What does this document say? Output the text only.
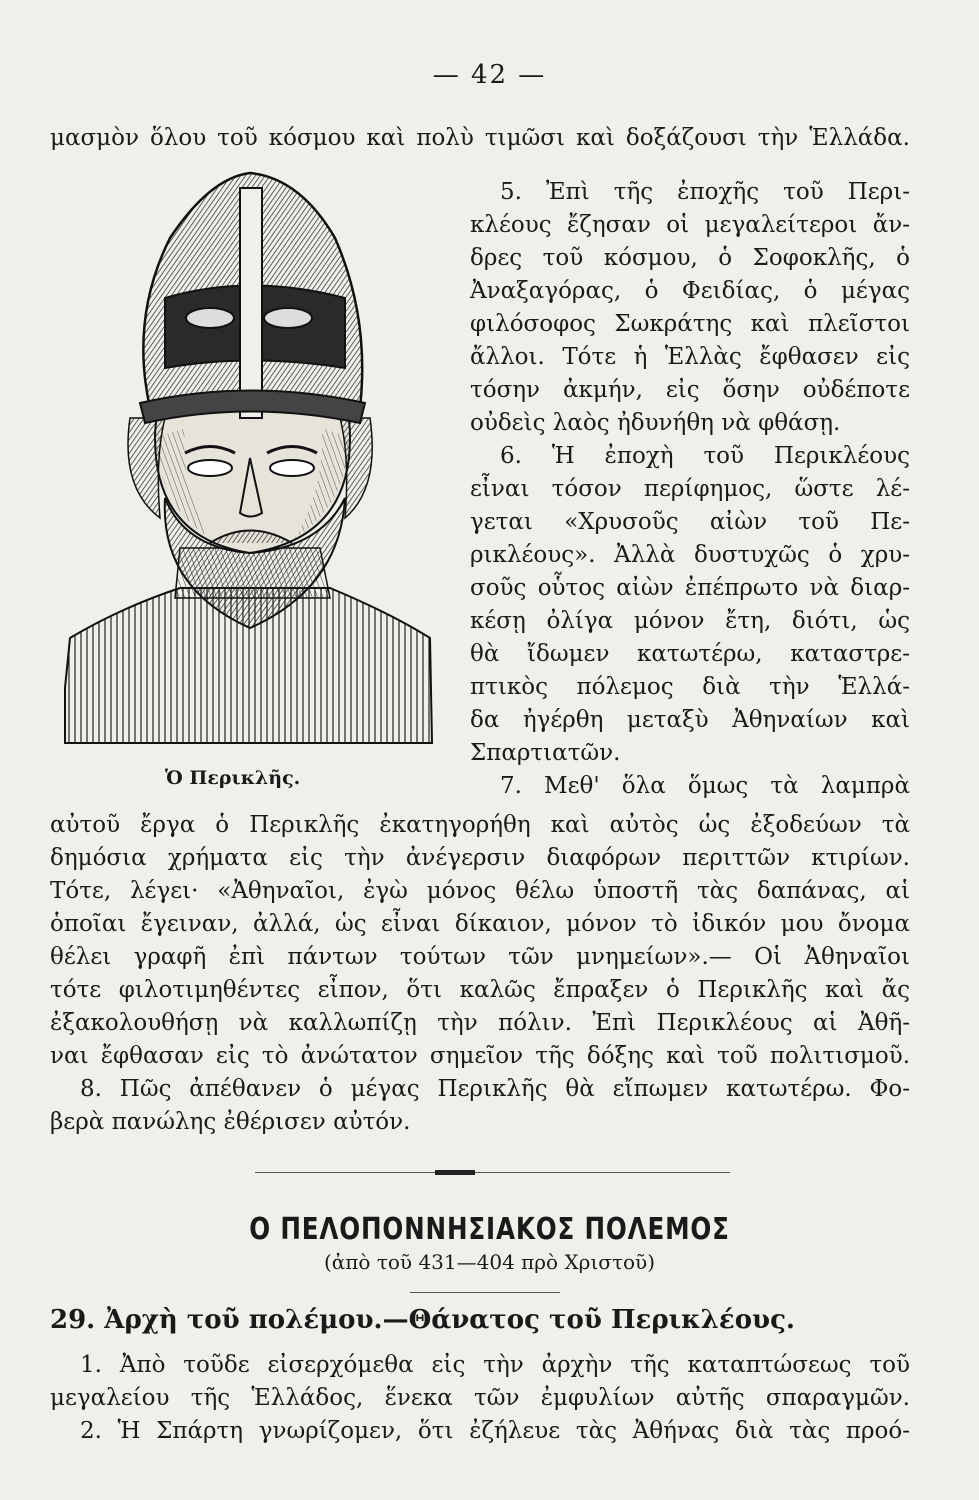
— 42 —
μασμὸν ὅλου τοῦ κόσμου καὶ πολὺ τιμῶσι καὶ δοξάζουσι τὴν Ἑλλάδα.
Ὁ Περικλῆς.
5. Ἐπὶ τῆς ἐποχῆς τοῦ Περι-
κλέους ἔζησαν οἱ μεγαλείτεροι ἄν-
δρες τοῦ κόσμου, ὁ Σοφοκλῆς, ὁ
Ἀναξαγόρας, ὁ Φειδίας, ὁ μέγας
φιλόσοφος Σωκράτης καὶ πλεῖστοι
ἄλλοι. Τότε ἡ Ἑλλὰς ἔφθασεν εἰς
τόσην ἀκμήν, εἰς ὅσην οὐδέποτε
οὐδεὶς λαὸς ἠδυνήθη νὰ φθάσῃ.
6. Ἡ ἐποχὴ τοῦ Περικλέους
εἶναι τόσον περίφημος, ὥστε λέ-
γεται «Χρυσοῦς αἰὼν τοῦ Πε-
ρικλέους». Ἀλλὰ δυστυχῶς ὁ χρυ-
σοῦς οὗτος αἰὼν ἐπέπρωτο νὰ διαρ-
κέσῃ ὀλίγα μόνον ἔτη, διότι, ὡς
θὰ ἴδωμεν κατωτέρω, καταστρε-
πτικὸς πόλεμος διὰ τὴν Ἑλλά-
δα ἠγέρθη μεταξὺ Ἀθηναίων καὶ
Σπαρτιατῶν.
7. Μεθ' ὅλα ὅμως τὰ λαμπρὰ
αὐτοῦ ἔργα ὁ Περικλῆς ἐκατηγορήθη καὶ αὐτὸς ὡς ἐξοδεύων τὰ
δημόσια χρήματα εἰς τὴν ἀνέγερσιν διαφόρων περιττῶν κτιρίων.
Τότε, λέγει· «Ἀθηναῖοι, ἐγὼ μόνος θέλω ὑποστῆ τὰς δαπάνας, αἱ
ὁποῖαι ἔγειναν, ἀλλά, ὡς εἶναι δίκαιον, μόνον τὸ ἰδικόν μου ὄνομα
θέλει γραφῆ ἐπὶ πάντων τούτων τῶν μνημείων».— Οἱ Ἀθηναῖοι
τότε φιλοτιμηθέντες εἶπον, ὅτι καλῶς ἔπραξεν ὁ Περικλῆς καὶ ἄς
ἐξακολουθήσῃ νὰ καλλωπίζῃ τὴν πόλιν. Ἐπὶ Περικλέους αἱ Ἀθῆ-
ναι ἔφθασαν εἰς τὸ ἀνώτατον σημεῖον τῆς δόξης καὶ τοῦ πολιτισμοῦ.
8. Πῶς ἀπέθανεν ὁ μέγας Περικλῆς θὰ εἴπωμεν κατωτέρω. Φο-
βερὰ πανώλης ἐθέρισεν αὐτόν.
Ο ΠΕΛΟΠΟΝΝΗΣΙΑΚΟΣ ΠΟΛΕΜΟΣ
(ἀπὸ τοῦ 431—404 πρὸ Χριστοῦ)
29. Ἀρχὴ τοῦ πολέμου.—Θάνατος τοῦ Περικλέους.
1. Ἀπὸ τοῦδε εἰσερχόμεθα εἰς τὴν ἀρχὴν τῆς καταπτώσεως τοῦ
μεγαλείου τῆς Ἑλλάδος, ἕνεκα τῶν ἐμφυλίων αὐτῆς σπαραγμῶν.
2. Ἡ Σπάρτη γνωρίζομεν, ὅτι ἐζήλευε τὰς Ἀθήνας διὰ τὰς προό-
